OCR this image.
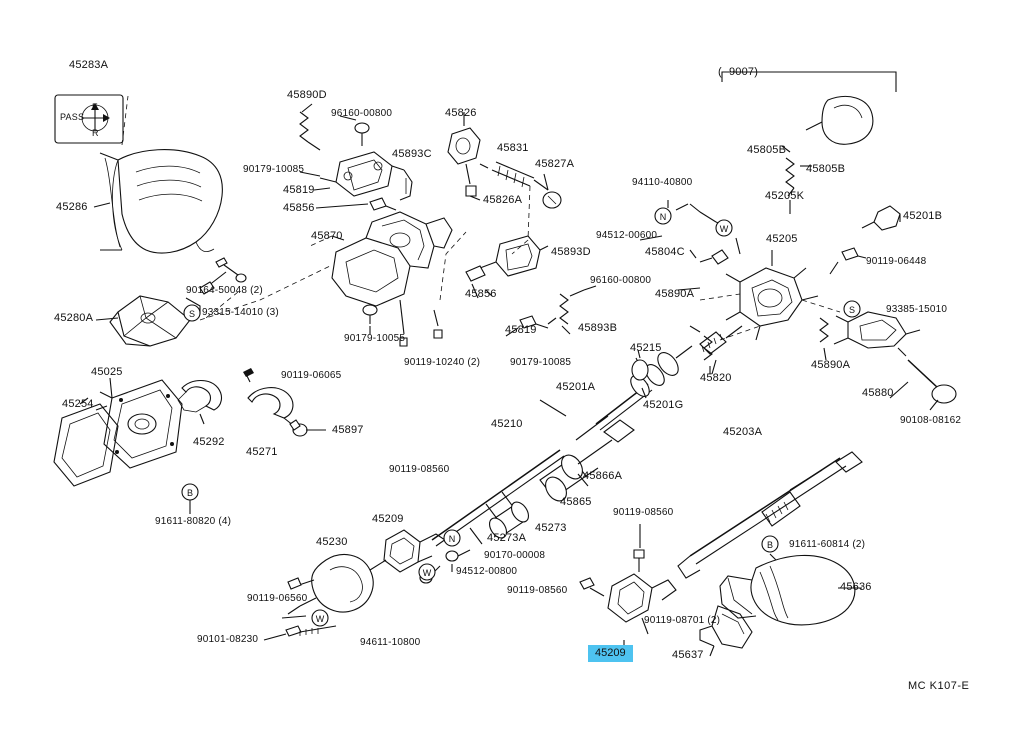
45283A
45286
45280A
90164-50048 (2)
93315-14010 (3)
45025
45254
45292
45271
45897
90119-06065
91611-80820 (4)
45230
45209
90119-06560
90101-08230	94611-10800
94512-00800
90170-00008
45273A
45273
45865
45866A
90119-08560
45210
90119-08560
90119-08560
90119-08701 (2)
45637
45636
91611-60814 (2)
45203A
45880
90108-08162
45890A
93385-15010
90119-06448
45201B
45205
45205K
45805B
45805B
94110-40800
94512-00600
45804C
45890A
45215
45820
45201A
45201G
45890D
96160-00800
90179-10085
45819
45856
45893C
45826
45826A
45831
45827A
45893D
45870
45856
96160-00800
45819	45893B
90179-10055
90119-10240 (2)	90179-10085
( -9007)
S
B
N
W
W
N
W
S
B
PASS
F
R
45209
MC K107-E
